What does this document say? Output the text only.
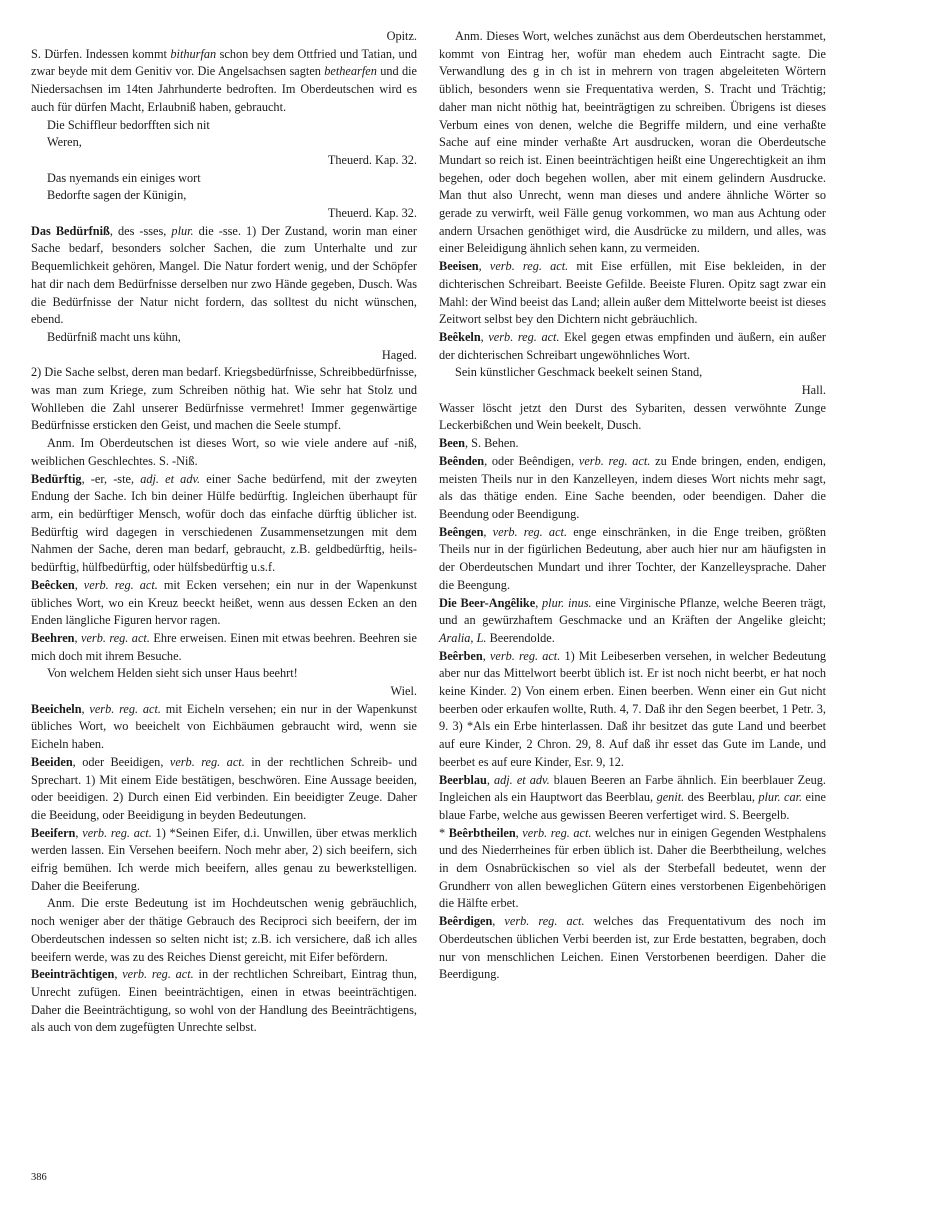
Opitz.

S. Dürfen. Indessen kommt bithurfan schon bey dem Ottfried und Tatian, und zwar beyde mit dem Genitiv vor. Die Angelsachsen sagten bethearfen und die Niedersachsen im 14ten Jahrhunderte bedroften. Im Oberdeutschen wird es auch für dürfen Macht, Erlaubniß haben, gebraucht.

Die Schiffleur bedorfften sich nit

Weren,

Theuerd. Kap. 32.

Das nyemands ein einiges wort

Bedorfte sagen der Künigin,

Theuerd. Kap. 32.

Das Bedürfniß, des -sses, plur. die -sse. 1) Der Zustand, worin man einer Sache bedarf, besonders solcher Sachen, die zum Unterhalte und zur Bequemlichkeit gehören, Mangel. Die Natur fordert wenig, und der Schöpfer hat dir nach dem Bedürfnisse derselben nur zwo Hände gegeben, Dusch. Was die Bedürfnisse der Natur nicht fordern, das solltest du nicht wünschen, ebend.

Bedürfniß macht uns kühn,

Haged.

2) Die Sache selbst, deren man bedarf. Kriegsbedürfnisse, Schreibbedürfnisse, was man zum Kriege, zum Schreiben nöthig hat. Wie sehr hat Stolz und Wohlleben die Zahl unserer Bedürfnisse vermehret! Immer gegenwärtige Bedürfnisse ersticken den Geist, und machen die Seele stumpf.

Anm. Im Oberdeutschen ist dieses Wort, so wie viele andere auf -niß, weiblichen Geschlechtes. S. -Niß.

Bedürftig, -er, -ste, adj. et adv. einer Sache bedürfend, mit der zweyten Endung der Sache. Ich bin deiner Hülfe bedürftig. Ingleichen überhaupt für arm, ein bedürftiger Mensch, wofür doch das einfache dürftig üblicher ist. Bedürftig wird dagegen in verschiedenen Zusammensetzungen mit dem Nahmen der Sache, deren man bedarf, gebraucht, z.B. geldbedürftig, heilsbedürftig, hülfbedürftig, oder hülfsbedürftig u.s.f.

Beêcken, verb. reg. act. mit Ecken versehen; ein nur in der Wapenkunst übliches Wort, wo ein Kreuz beeckt heißet, wenn aus dessen Ecken an den Enden längliche Figuren hervor ragen.

Beehren, verb. reg. act. Ehre erweisen. Einen mit etwas beehren. Beehren sie mich doch mit ihrem Besuche.

Von welchem Helden sieht sich unser Haus beehrt!

Wiel.

Beeicheln, verb. reg. act. mit Eicheln versehen; ein nur in der Wapenkunst übliches Wort, wo beeichelt von Eichbäumen gebraucht wird, wenn sie Eicheln haben.

Beeiden, oder Beeidigen, verb. reg. act. in der rechtlichen Schreib- und Sprechart. 1) Mit einem Eide bestätigen, beschwören. Eine Aussage beeiden, oder beeidigen. 2) Durch einen Eid verbinden. Ein beeidigter Zeuge. Daher die Beeidung, oder Beeidigung in beyden Bedeutungen.

Beeifern, verb. reg. act. 1) *Seinen Eifer, d.i. Unwillen, über etwas merklich werden lassen. Ein Versehen beeifern. Noch mehr aber, 2) sich beeifern, sich eifrig bemühen. Ich werde mich beeifern, alles genau zu bewerkstelligen. Daher die Beeiferung.

Anm. Die erste Bedeutung ist im Hochdeutschen wenig gebräuchlich, noch weniger aber der thätige Gebrauch des Reciproci sich beeifern, der im Oberdeutschen indessen so selten nicht ist; z.B. ich versichere, daß ich alles beeifern werde, was zu des Reiches Dienst gereicht, mit Eifer befördern.

Beeinträchtigen, verb. reg. act. in der rechtlichen Schreibart, Eintrag thun, Unrecht zufügen. Einen beeinträchtigen, einen in etwas beeinträchtigen. Daher die Beeinträchtigung, so wohl von der Handlung des Beeinträchtigens, als auch von dem zugefügten Unrechte selbst.

Anm. Dieses Wort, welches zunächst aus dem Oberdeutschen herstammet, kommt von Eintrag her, wofür man ehedem auch Eintracht sagte. Die Verwandlung des g in ch ist in mehrern von tragen abgeleiteten Wörtern üblich, besonders wenn sie Frequentativa werden, S. Tracht und Trächtig; daher man nicht nöthig hat, beeinträgtigen zu schreiben. Übrigens ist dieses Verbum eines von denen, welche die Begriffe mildern, und eine verhaßte Sache auf eine minder verhaßte Art ausdrucken, woran die Oberdeutsche Mundart so reich ist. Einen beeinträchtigen heißt eine Ungerechtigkeit an ihm begehen, oder doch begehen wollen, aber mit einem gelindern Ausdrucke. Man thut also Unrecht, wenn man dieses und andere ähnliche Wörter so gerade zu verwirft, weil Fälle genug vorkommen, wo man aus Achtung oder andern Ursachen genöthiget wird, die Ausdrücke zu mildern, und alles, was einer Beleidigung ähnlich sehen kann, zu vermeiden.

Beeisen, verb. reg. act. mit Eise erfüllen, mit Eise bekleiden, in der dichterischen Schreibart. Beeiste Gefilde. Beeiste Fluren. Opitz sagt zwar ein Mahl: der Wind beeist das Land; allein außer dem Mittelworte beeist ist dieses Zeitwort selbst bey den Dichtern nicht gebräuchlich.

Beêkeln, verb. reg. act. Ekel gegen etwas empfinden und äußern, ein außer der dichterischen Schreibart ungewöhnliches Wort.

Sein künstlicher Geschmack beekelt seinen Stand,

Hall.

Wasser löscht jetzt den Durst des Sybariten, dessen verwöhnte Zunge Leckerbißchen und Wein beekelt, Dusch.

Been, S. Behen.

Beênden, oder Beêndigen, verb. reg. act. zu Ende bringen, enden, endigen, meisten Theils nur in den Kanzelleyen, indem dieses Wort nichts mehr sagt, als das thätige enden. Eine Sache beenden, oder beendigen. Daher die Beendung oder Beendigung.

Beêngen, verb. reg. act. enge einschränken, in die Enge treiben, größten Theils nur in der figürlichen Bedeutung, aber auch hier nur am häufigsten in der Oberdeutschen Mundart und ihrer Tochter, der Kanzelleysprache. Daher die Beengung.

Die Beer-Angêlike, plur. inus. eine Virginische Pflanze, welche Beeren trägt, und an gewürzhaftem Geschmacke und an Kräften der Angelike gleicht; Aralia, L. Beerendolde.

Beêrben, verb. reg. act. 1) Mit Leibeserben versehen, in welcher Bedeutung aber nur das Mittelwort beerbt üblich ist. Er ist noch nicht beerbt, er hat noch keine Kinder. 2) Von einem erben. Einen beerben. Wenn einer ein Gut nicht beerben oder erkaufen wollte, Ruth. 4, 7. Daß ihr den Segen beerbet, 1 Petr. 3, 9. 3) *Als ein Erbe hinterlassen. Daß ihr besitzet das gute Land und beerbet auf eure Kinder, 2 Chron. 29, 8. Auf daß ihr esset das Gute im Lande, und beerbet es auf eure Kinder, Esr. 9, 12.

Beerblau, adj. et adv. blauen Beeren an Farbe ähnlich. Ein beerblauer Zeug. Ingleichen als ein Hauptwort das Beerblau, genit. des Beerblau, plur. car. eine blaue Farbe, welche aus gewissen Beeren verfertiget wird. S. Beergelb.

* Beêrbtheilen, verb. reg. act. welches nur in einigen Gegenden Westphalens und des Niederrheines für erben üblich ist. Daher die Beerbtheilung, welches in dem Osnabrückischen so viel als der Sterbefall bedeutet, wenn der Grundherr von allen beweglichen Gütern eines verstorbenen Eigenbehörigen die Hälfte erbet.

Beêrdigen, verb. reg. act. welches das Frequentativum des noch im Oberdeutschen üblichen Verbi beerden ist, zur Erde bestatten, begraben, doch nur von menschlichen Leichen. Einen Verstorbenen beerdigen. Daher die Beerdigung.

386
